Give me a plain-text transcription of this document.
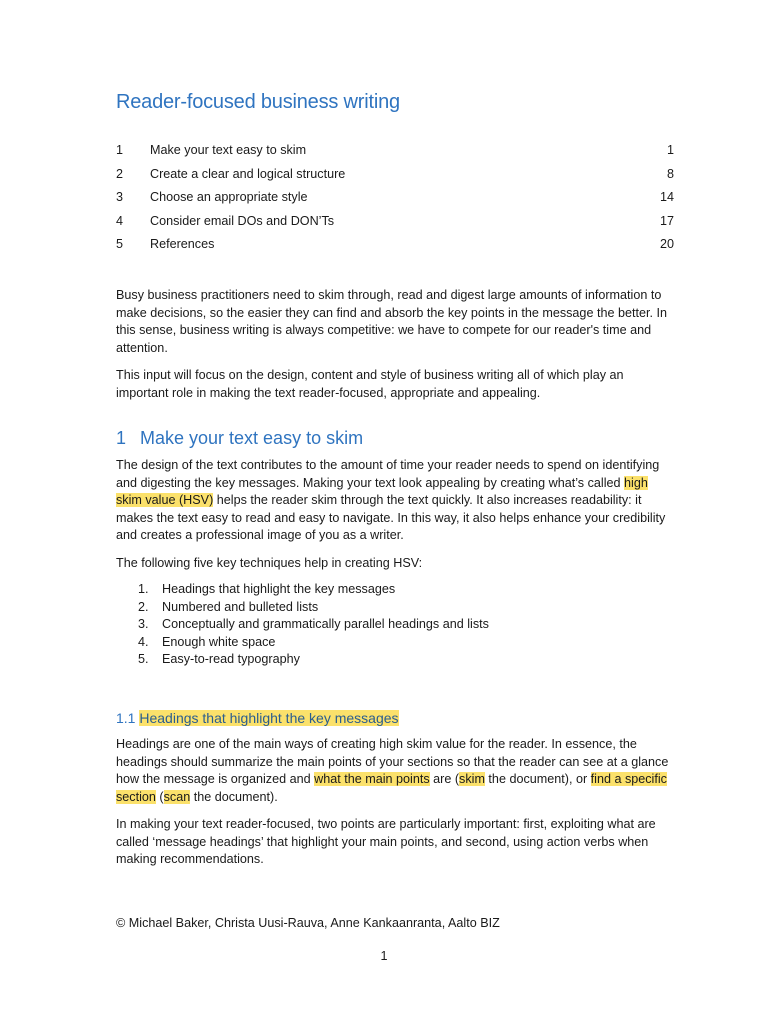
Reader-focused business writing
1 Make your text easy to skim	1
2 Create a clear and logical structure	8
3 Choose an appropriate style	14
4 Consider email DOs and DON’Ts	17
5 References	20

Busy business practitioners need to skim through, read and digest large amounts of information to make decisions, so the easier they can find and absorb the key points in the message the better. In this sense, business writing is always competitive: we have to compete for our reader's time and attention.

This input will focus on the design, content and style of business writing all of which play an important role in making the text reader-focused, appropriate and appealing.

1 Make your text easy to skim

The design of the text contributes to the amount of time your reader needs to spend on identifying and digesting the key messages. Making your text look appealing by creating what’s called high skim value (HSV) helps the reader skim through the text quickly. It also increases readability: it makes the text easy to read and easy to navigate. In this way, it also helps enhance your credibility and creates a professional image of you as a writer.

The following five key techniques help in creating HSV:

1. Headings that highlight the key messages
2. Numbered and bulleted lists
3. Conceptually and grammatically parallel headings and lists
4. Enough white space
5. Easy-to-read typography
1.1 Headings that highlight the key messages

Headings are one of the main ways of creating high skim value for the reader. In essence, the headings should summarize the main points of your sections so that the reader can see at a glance how the message is organized and what the main points are (skim the document), or find a specific section (scan the document).

In making your text reader-focused, two points are particularly important: first, exploiting what are called ‘message headings’ that highlight your main points, and second, using action verbs when making recommendations.

© Michael Baker, Christa Uusi-Rauva, Anne Kankaanranta, Aalto BIZ
1
